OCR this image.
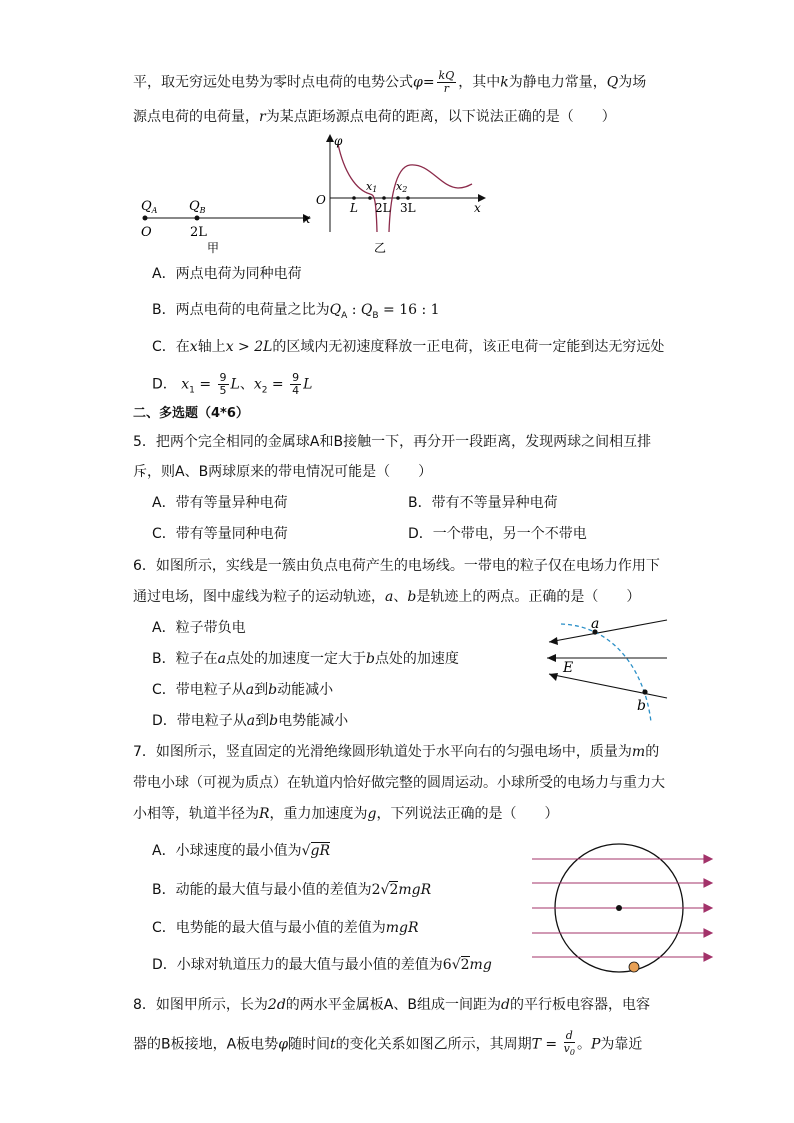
平，取无穷远处电势为零时点电荷的电势公式$\varphi= \frac{kQ}{r}$ ，其中k为静电力常量，Q为场
源点电荷的电荷量，r为某点距场源点电荷的距离，以下说法正确的是（　　）
$Q_A$ $Q_B$
O	2L
x
甲
φ
O
L 2L 3L
x1 x2
x
乙
A．两点电荷为同种电荷
B．两点电荷的电荷量之比为$Q_A$ : $Q_B = 16$ : 1
C．在x轴上x > 2L的区域内无初速度释放一正电荷，该正电荷一定能到达无穷远处
D． $x_1 = \frac{9}{5}$ L、$x_2 = \frac{9}{4}$ L
二、多选题（4*6）
5．把两个完全相同的金属球A和B接触一下，再分开一段距离，发现两球之间相互排
斥，则A、B两球原来的带电情况可能是（　　）
A．带有等量异种电荷	B．带有不等量异种电荷
C．带有等量同种电荷	D．一个带电，另一个不带电
6．如图所示，实线是一簇由负点电荷产生的电场线。一带电的粒子仅在电场力作用下
通过电场，图中虚线为粒子的运动轨迹，a、b是轨迹上的两点。正确的是（　　）
A．粒子带负电
B．粒子在a点处的加速度一定大于b点处的加速度
C．带电粒子从a到b动能减小
D．带电粒子从a到b电势能减小
a
b
E
7．如图所示，竖直固定的光滑绝缘圆形轨道处于水平向右的匀强电场中，质量为m的
带电小球（可视为质点）在轨道内恰好做完整的圆周运动。小球所受的电场力与重力大
小相等，轨道半径为R，重力加速度为g，下列说法正确的是（　　）
A．小球速度的最小值为√gR
B．动能的最大值与最小值的差值为2√2mgR
C．电势能的最大值与最小值的差值为mgR
D．小球对轨道压力的最大值与最小值的差值为6√2mg
8．如图甲所示，长为2d的两水平金属板A、B组成一间距为d的平行板电容器，电容
器的B板接地，A板电势φ随时间t的变化关系如图乙所示，其周期$T = \frac{d}{v_0}$ 。P为靠近
